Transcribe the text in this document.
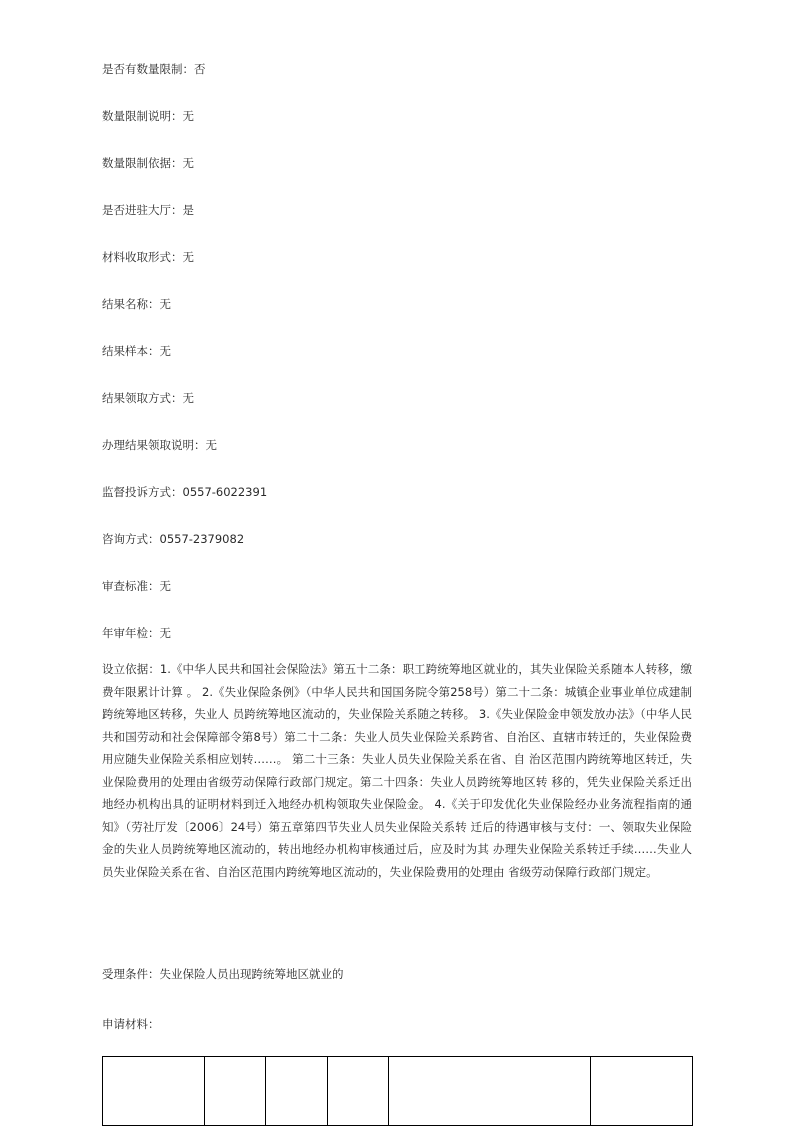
是否有数量限制：否
数量限制说明：无
数量限制依据：无
是否进驻大厅：是
材料收取形式：无
结果名称：无
结果样本：无
结果领取方式：无
办理结果领取说明：无
监督投诉方式：0557-6022391
咨询方式：0557-2379082
审查标准：无
年审年检：无
设立依据：1.《中华人民共和国社会保险法》第五十二条：职工跨统筹地区就业的，其失业保险关系随本人转移，缴费年限累计计算 。 2.《失业保险条例》（中华人民共和国国务院令第258号）第二十二条：城镇企业事业单位成建制跨统筹地区转移，失业人 员跨统筹地区流动的，失业保险关系随之转移。 3.《失业保险金申领发放办法》（中华人民共和国劳动和社会保障部令第8号）第二十二条：失业人员失业保险关系跨省、自治区、直辖市转迁的，失业保险费用应随失业保险关系相应划转……。 第二十三条：失业人员失业保险关系在省、自 治区范围内跨统筹地区转迁，失业保险费用的处理由省级劳动保障行政部门规定。第二十四条：失业人员跨统筹地区转 移的，凭失业保险关系迁出地经办机构出具的证明材料到迁入地经办机构领取失业保险金。 4.《关于印发优化失业保险经办业务流程指南的通知》（劳社厅发〔2006〕24号）第五章第四节失业人员失业保险关系转 迁后的待遇审核与支付：一、领取失业保险金的失业人员跨统筹地区流动的，转出地经办机构审核通过后，应及时为其 办理失业保险关系转迁手续……失业人员失业保险关系在省、自治区范围内跨统筹地区流动的，失业保险费用的处理由 省级劳动保障行政部门规定。
受理条件：失业保险人员出现跨统筹地区就业的
申请材料：
